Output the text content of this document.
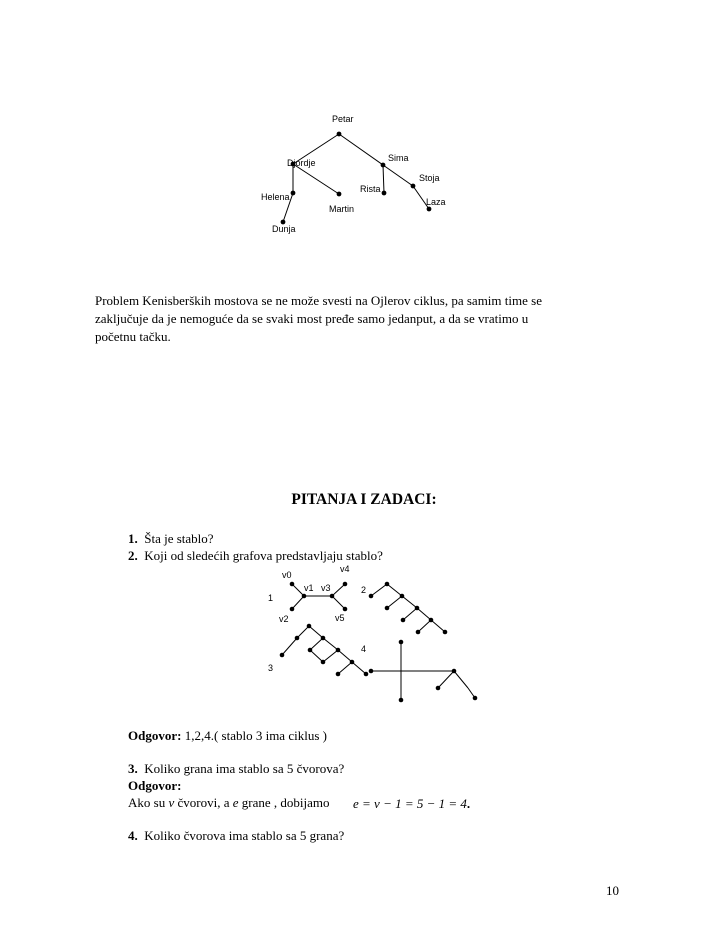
Petar
Sima
Djordje
Stoja
Rista
Helena	Laza
Martin
Dunja
Problem Kenisberških mostova se ne može svesti na Ojlerov ciklus, pa samim time se
zaključuje da je nemoguće da se svaki most pređe samo jedanput, a da se vratimo u
početnu tačku.
PITANJA I ZADACI:
1. Šta je stablo?
2. Koji od sledećih grafova predstavljaju stablo?
1
v0
v1 v3
v4
v2	v5
2
3
4
Odgovor: 1,2,4.( stablo 3 ima ciklus )
3. Koliko grana ima stablo sa 5 čvorova?
Odgovor:
Ako su v čvorovi, a e grane , dobijamo e = v − 1 = 5 − 1 = 4.
4. Koliko čvorova ima stablo sa 5 grana?
10
